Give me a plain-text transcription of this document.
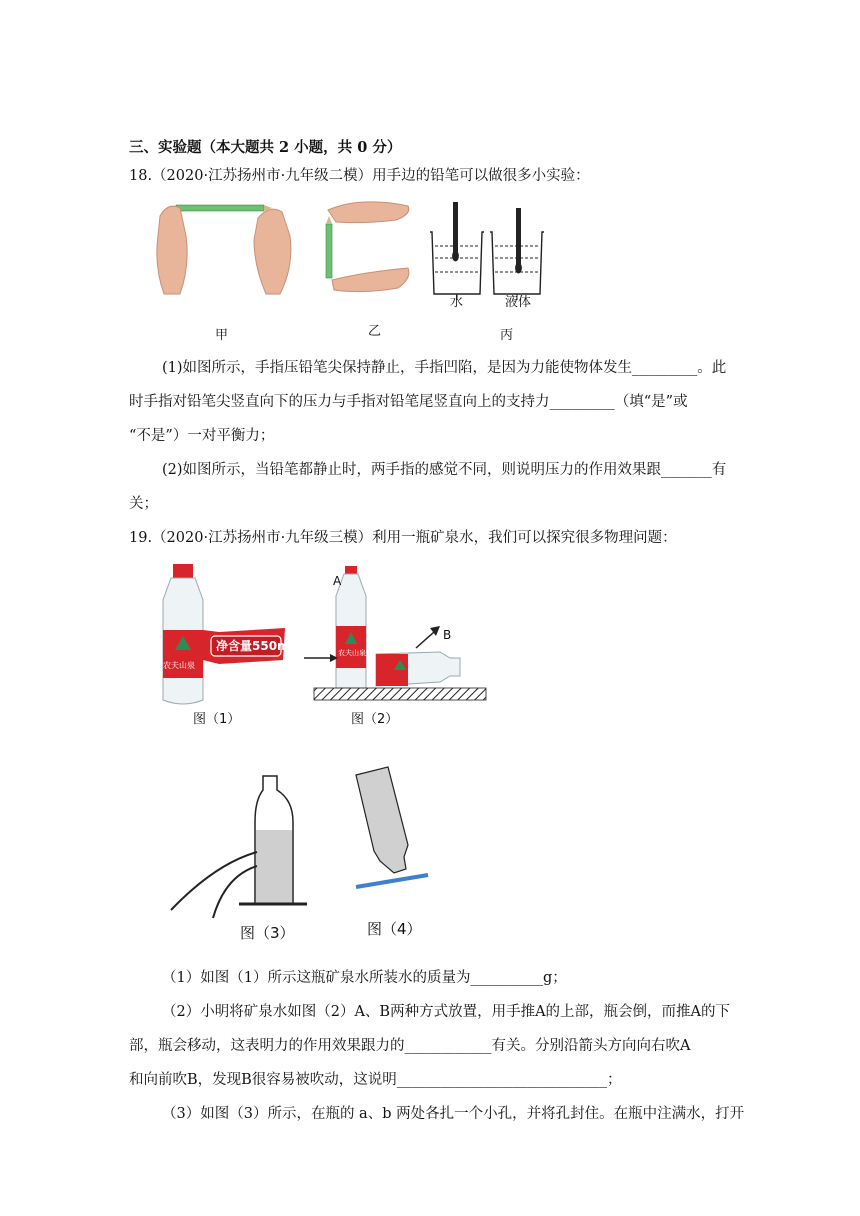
三、实验题（本大题共 2 小题，共 0 分）
18.（2020·江苏扬州市·九年级二模）用手边的铅笔可以做很多小实验：
水	液体
甲	乙	丙
(1)如图所示，手指压铅笔尖保持静止，手指凹陷，是因为力能使物体发生_________。此
时手指对铅笔尖竖直向下的压力与手指对铅笔尾竖直向上的支持力_________（填“是”或
“不是”）一对平衡力；
(2)如图所示，当铅笔都静止时，两手指的感觉不同，则说明压力的作用效果跟_______有
关；
19.（2020·江苏扬州市·九年级三模）利用一瓶矿泉水，我们可以探究很多物理问题：
净含量550ml
农夫山泉
图（1）
A
B
农夫山泉
图（2）
图（3）	图（4）
（1）如图（1）所示这瓶矿泉水所装水的质量为__________g；
（2）小明将矿泉水如图（2）A、B两种方式放置，用手推A的上部，瓶会倒，而推A的下
部，瓶会移动，这表明力的作用效果跟力的____________有关。分别沿箭头方向向右吹A
和向前吹B，发现B很容易被吹动，这说明_____________________________；
（3）如图（3）所示，在瓶的 a、b 两处各扎一个小孔，并将孔封住。在瓶中注满水，打开
